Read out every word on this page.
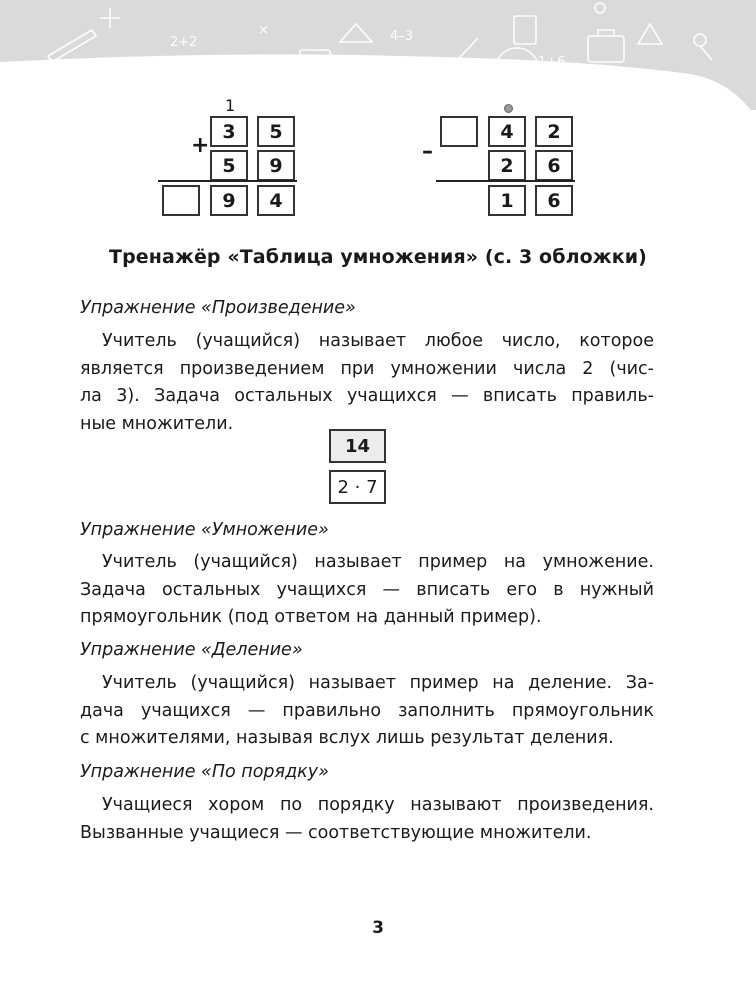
2+2
×	4–3
1+6
1
+
3	5
5	9
9	4
–
4	2
2	6
1	6
Тренажёр «Таблица умножения» (с. 3 обложки)
Упражнение «Произведение»

Учитель (учащийся) называет любое число, которое
является произведением при умножении числа 2 (чис-
ла 3). Задача остальных учащихся — вписать правиль-
ные множители.

14
2 · 7
Упражнение «Умножение»

Учитель (учащийся) называет пример на умножение.
Задача остальных учащихся — вписать его в нужный
прямоугольник (под ответом на данный пример).

Упражнение «Деление»

Учитель (учащийся) называет пример на деление. За-
дача учащихся — правильно заполнить прямоугольник
с множителями, называя вслух лишь результат деления.

Упражнение «По порядку»

Учащиеся хором по порядку называют произведения.
Вызванные учащиеся — соответствующие множители.

3
